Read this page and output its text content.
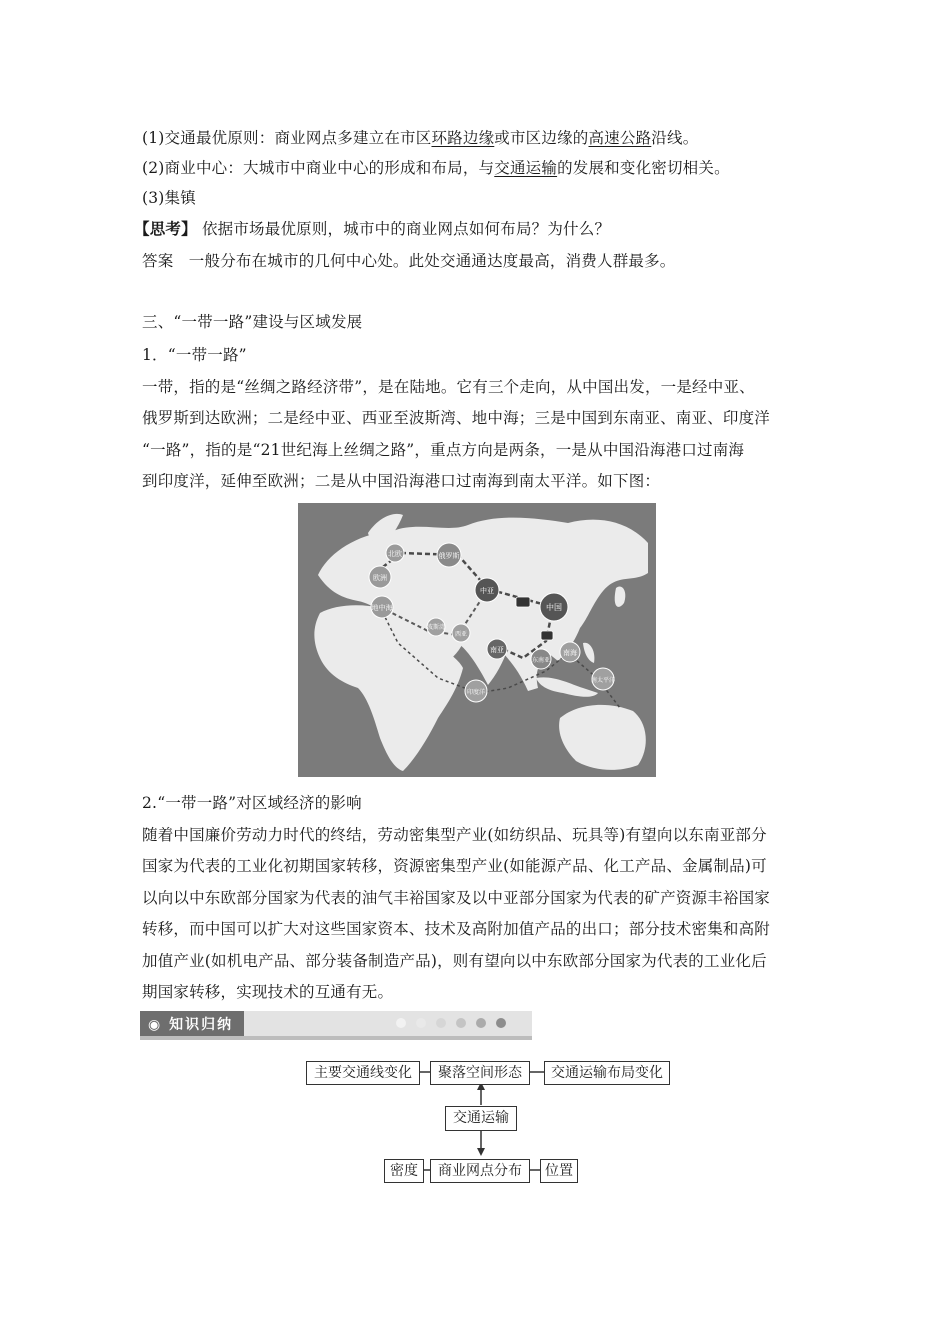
(1)交通最优原则：商业网点多建立在市区环路边缘或市区边缘的高速公路沿线。
(2)商业中心：大城市中商业中心的形成和布局，与交通运输的发展和变化密切相关。
(3)集镇
【思考】 依据市场最优原则，城市中的商业网点如何布局？为什么？
答案 一般分布在城市的几何中心处。此处交通通达度最高，消费人群最多。
三、“一带一路”建设与区域发展
1．“一带一路”
一带，指的是“丝绸之路经济带”，是在陆地。它有三个走向，从中国出发，一是经中亚、
俄罗斯到达欧洲；二是经中亚、西亚至波斯湾、地中海；三是中国到东南亚、南亚、印度洋
“一路”，指的是“21世纪海上丝绸之路”，重点方向是两条，一是从中国沿海港口过南海
到印度洋，延伸至欧洲；二是从中国沿海港口过南海到南太平洋。如下图：
北欧	俄罗斯
欧洲
地中海
中亚
中国
波斯湾
西亚
南亚
东南亚
南海
印度洋
南太平洋
2.“一带一路”对区域经济的影响
随着中国廉价劳动力时代的终结，劳动密集型产业(如纺织品、玩具等)有望向以东南亚部分
国家为代表的工业化初期国家转移，资源密集型产业(如能源产品、化工产品、金属制品)可
以向以中东欧部分国家为代表的油气丰裕国家及以中亚部分国家为代表的矿产资源丰裕国家
转移，而中国可以扩大对这些国家资本、技术及高附加值产品的出口；部分技术密集和高附
加值产业(如机电产品、部分装备制造产品)，则有望向以中东欧部分国家为代表的工业化后
期国家转移，实现技术的互通有无。
◉ 知识归纳
主要交通线变化	聚落空间形态	交通运输布局变化
交通运输
密度	商业网点分布	位置
